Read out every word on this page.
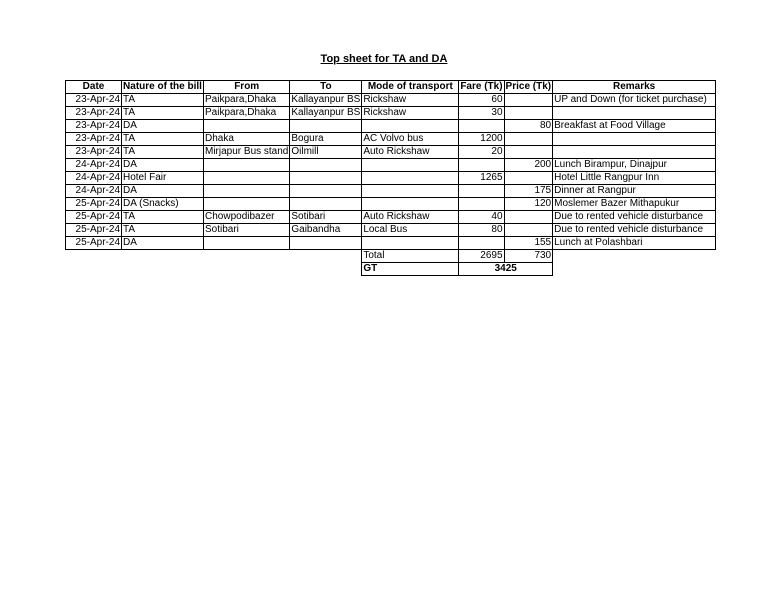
Top sheet for TA and DA
Date	Nature of the bill	From	To	Mode of transport	Fare (Tk)	Price (Tk)	Remarks
23-Apr-24	TA	Paikpara,Dhaka	Kallayanpur BS	Rickshaw	60		UP and Down (for ticket purchase)
23-Apr-24	TA	Paikpara,Dhaka	Kallayanpur BS	Rickshaw	30		
23-Apr-24	DA					80	Breakfast at Food Village
23-Apr-24	TA	Dhaka	Bogura	AC Volvo bus	1200		
23-Apr-24	TA	Mirjapur Bus stand	Oilmill	Auto Rickshaw	20		
24-Apr-24	DA					200	Lunch Birampur, Dinajpur
24-Apr-24	Hotel Fair				1265		Hotel Little Rangpur Inn
24-Apr-24	DA					175	Dinner at Rangpur
25-Apr-24	DA (Snacks)					120	Moslemer Bazer Mithapukur
25-Apr-24	TA	Chowpodibazer	Sotibari	Auto Rickshaw	40		Due to rented vehicle disturbance
25-Apr-24	TA	Sotibari	Gaibandha	Local Bus	80		Due to rented vehicle disturbance
25-Apr-24	DA					155	Lunch at Polashbari
				Total	2695	730	
				GT	3425		
